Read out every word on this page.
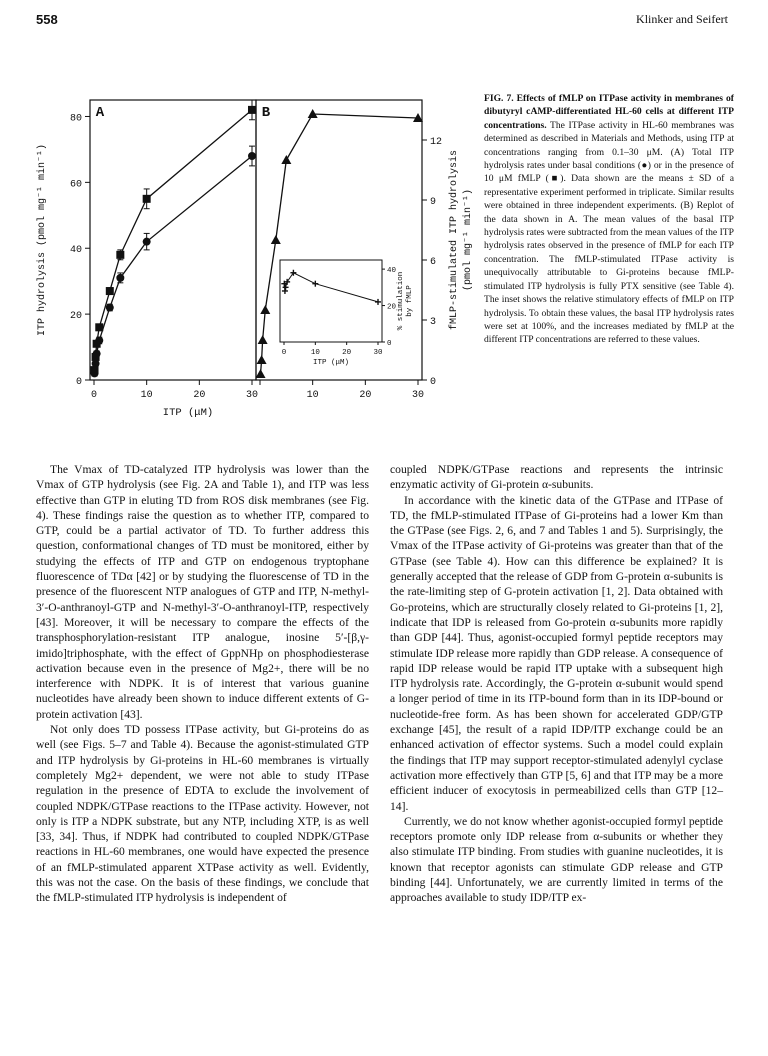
558	Klinker and Seifert
A	B
0
20
40
60
80
0
3
6
9
12
0	10	20	30	10	20	30
ITP (μM)
ITP hydrolysis (pmol mg⁻¹ min⁻¹)	fMLP-stimulated ITP hydrolysis (pmol mg⁻¹ min⁻¹)
0	10	20	30
0
20
40
ITP (μM)
% stimulation by fMLP
FIG. 7. Effects of fMLP on ITPase activity in membranes of dibutyryl cAMP-differentiated HL-60 cells at different ITP concentrations. The ITPase activity in HL-60 membranes was determined as described in Materials and Methods, using ITP at concentrations ranging from 0.1–30 μM. (A) Total ITP hydrolysis rates under basal conditions (●) or in the presence of 10 μM fMLP (■). Data shown are the means ± SD of a representative experiment performed in triplicate. Similar results were obtained in three independent experiments. (B) Replot of the data shown in A. The mean values of the basal ITP hydrolysis rates were subtracted from the mean values of the ITP hydrolysis rates observed in the presence of fMLP for each ITP concentration. The fMLP-stimulated ITPase activity is unequivocally attributable to Gi-proteins because fMLP-stimulated ITP hydrolysis is fully PTX sensitive (see Table 4). The inset shows the relative stimulatory effects of fMLP on ITP hydrolysis. To obtain these values, the basal ITP hydrolysis rates were set at 100%, and the increases mediated by fMLP at the different ITP concentrations are referred to these values.

The Vmax of TD-catalyzed ITP hydrolysis was lower than the Vmax of GTP hydrolysis (see Fig. 2A and Table 1), and ITP was less effective than GTP in eluting TD from ROS disk membranes (see Fig. 4). These findings raise the question as to whether ITP, compared to GTP, could be a partial activator of TD. To further address this question, conformational changes of TD must be monitored, either by studying the effects of ITP and GTP on endogenous tryptophane fluorescence of TDα [42] or by studying the fluorescense of TD in the presence of the fluorescent NTP analogues of GTP and ITP, N-methyl-3′-O-anthranoyl-GTP and N-methyl-3′-O-anthranoyl-ITP, respectively [43]. Moreover, it will be necessary to compare the effects of the transphosphorylation-resistant ITP analogue, inosine 5′-[β,γ-imido]triphosphate, with the effect of GppNHp on phosphodiesterase activation because even in the presence of Mg2+, there will be no interference with NDPK. It is of interest that various guanine nucleotides have already been shown to induce different extents of G-protein activation [43].

Not only does TD possess ITPase activity, but Gi-proteins do as well (see Figs. 5–7 and Table 4). Because the agonist-stimulated GTP and ITP hydrolysis by Gi-proteins in HL-60 membranes is virtually completely Mg2+ dependent, we were not able to study ITPase regulation in the presence of EDTA to exclude the involvement of coupled NDPK/GTPase reactions to the ITPase activity. However, not only is ITP a NDPK substrate, but any NTP, including XTP, is as well [33, 34]. Thus, if NDPK had contributed to coupled NDPK/GTPase reactions in HL-60 membranes, one would have expected the presence of an fMLP-stimulated apparent XTPase activity as well. Evidently, this was not the case. On the basis of these findings, we conclude that the fMLP-stimulated ITP hydrolysis is independent of

coupled NDPK/GTPase reactions and represents the intrinsic enzymatic activity of Gi-protein α-subunits.

In accordance with the kinetic data of the GTPase and ITPase of TD, the fMLP-stimulated ITPase of Gi-proteins had a lower Km than the GTPase (see Figs. 2, 6, and 7 and Tables 1 and 5). Surprisingly, the Vmax of the ITPase activity of Gi-proteins was greater than that of the GTPase (see Table 4). How can this difference be explained? It is generally accepted that the release of GDP from G-protein α-subunits is the rate-limiting step of G-protein activation [1, 2]. Data obtained with Go-proteins, which are structurally closely related to Gi-proteins [1, 2], indicate that IDP is released from Go-protein α-subunits more rapidly than GDP [44]. Thus, agonist-occupied formyl peptide receptors may stimulate IDP release more rapidly than GDP release. A consequence of rapid IDP release would be rapid ITP uptake with a subsequent high ITP hydrolysis rate. Accordingly, the G-protein α-subunit would spend a longer period of time in its ITP-bound form than in its IDP-bound or nucleotide-free form. As has been shown for accelerated GDP/GTP exchange [45], the result of a rapid IDP/ITP exchange could be an enhanced activation of effector systems. Such a model could explain the findings that ITP may support receptor-stimulated adenylyl cyclase activation more effectively than GTP [5, 6] and that ITP may be a more efficient inducer of exocytosis in permeabilized cells than GTP [12–14].

Currently, we do not know whether agonist-occupied formyl peptide receptors promote only IDP release from α-subunits or whether they also stimulate ITP binding. From studies with guanine nucleotides, it is known that receptor agonists can stimulate GDP release and GTP binding [44]. Unfortunately, we are currently limited in terms of the approaches available to study IDP/ITP ex-
